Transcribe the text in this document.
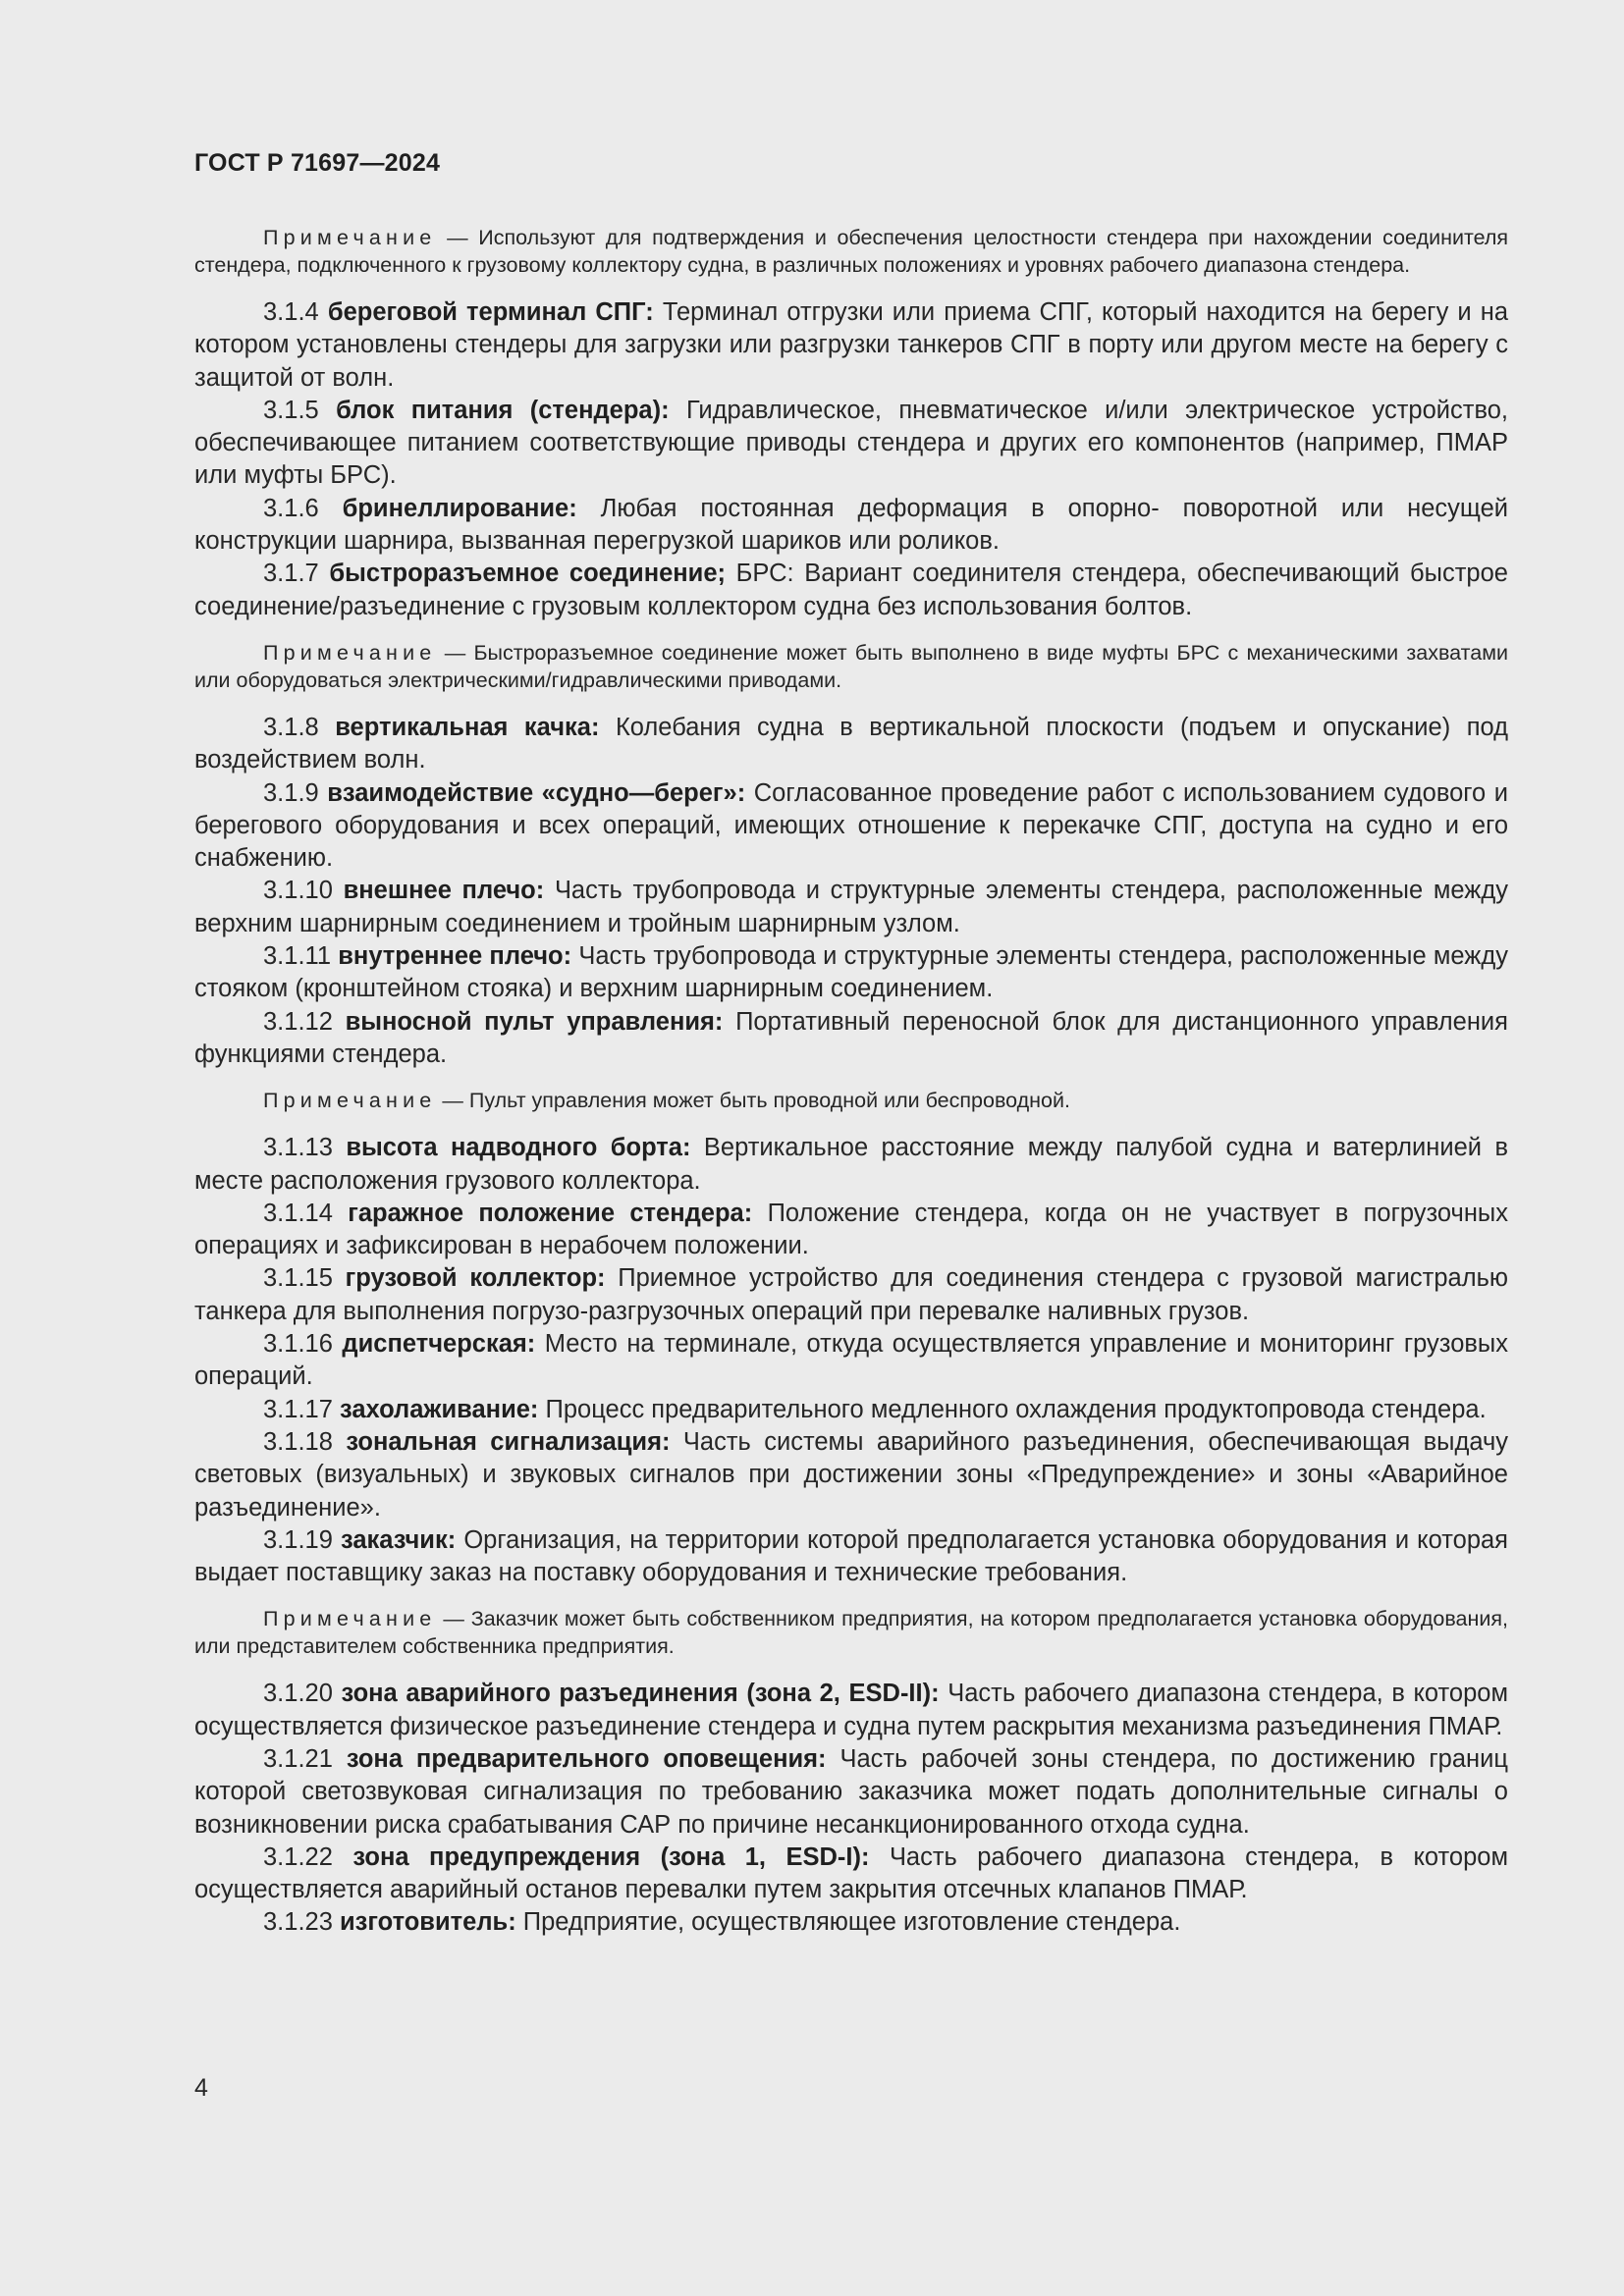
ГОСТ Р 71697—2024

Примечание — Используют для подтверждения и обеспечения целостности стендера при нахождении соединителя стендера, подключенного к грузовому коллектору судна, в различных положениях и уровнях рабочего диапазона стендера.

3.1.4 береговой терминал СПГ: Терминал отгрузки или приема СПГ, который находится на берегу и на котором установлены стендеры для загрузки или разгрузки танкеров СПГ в порту или другом месте на берегу с защитой от волн.

3.1.5 блок питания (стендера): Гидравлическое, пневматическое и/или электрическое устройство, обеспечивающее питанием соответствующие приводы стендера и других его компонентов (например, ПМАР или муфты БРС).

3.1.6 бринеллирование: Любая постоянная деформация в опорно- поворотной или несущей конструкции шарнира, вызванная перегрузкой шариков или роликов.

3.1.7 быстроразъемное соединение; БРС: Вариант соединителя стендера, обеспечивающий быстрое соединение/разъединение с грузовым коллектором судна без использования болтов.

Примечание — Быстроразъемное соединение может быть выполнено в виде муфты БРС с механическими захватами или оборудоваться электрическими/гидравлическими приводами.

3.1.8 вертикальная качка: Колебания судна в вертикальной плоскости (подъем и опускание) под воздействием волн.

3.1.9 взаимодействие «судно—берег»: Согласованное проведение работ с использованием судового и берегового оборудования и всех операций, имеющих отношение к перекачке СПГ, доступа на судно и его снабжению.

3.1.10 внешнее плечо: Часть трубопровода и структурные элементы стендера, расположенные между верхним шарнирным соединением и тройным шарнирным узлом.

3.1.11 внутреннее плечо: Часть трубопровода и структурные элементы стендера, расположенные между стояком (кронштейном стояка) и верхним шарнирным соединением.

3.1.12 выносной пульт управления: Портативный переносной блок для дистанционного управления функциями стендера.

Примечание — Пульт управления может быть проводной или беспроводной.

3.1.13 высота надводного борта: Вертикальное расстояние между палубой судна и ватерлинией в месте расположения грузового коллектора.

3.1.14 гаражное положение стендера: Положение стендера, когда он не участвует в погрузочных операциях и зафиксирован в нерабочем положении.

3.1.15 грузовой коллектор: Приемное устройство для соединения стендера с грузовой магистралью танкера для выполнения погрузо-разгрузочных операций при перевалке наливных грузов.

3.1.16 диспетчерская: Место на терминале, откуда осуществляется управление и мониторинг грузовых операций.

3.1.17 захолаживание: Процесс предварительного медленного охлаждения продуктопровода стендера.

3.1.18 зональная сигнализация: Часть системы аварийного разъединения, обеспечивающая выдачу световых (визуальных) и звуковых сигналов при достижении зоны «Предупреждение» и зоны «Аварийное разъединение».

3.1.19 заказчик: Организация, на территории которой предполагается установка оборудования и которая выдает поставщику заказ на поставку оборудования и технические требования.

Примечание — Заказчик может быть собственником предприятия, на котором предполагается установка оборудования, или представителем собственника предприятия.

3.1.20 зона аварийного разъединения (зона 2, ESD-II): Часть рабочего диапазона стендера, в котором осуществляется физическое разъединение стендера и судна путем раскрытия механизма разъединения ПМАР.

3.1.21 зона предварительного оповещения: Часть рабочей зоны стендера, по достижению границ которой светозвуковая сигнализация по требованию заказчика может подать дополнительные сигналы о возникновении риска срабатывания САР по причине несанкционированного отхода судна.

3.1.22 зона предупреждения (зона 1, ESD-I): Часть рабочего диапазона стендера, в котором осуществляется аварийный останов перевалки путем закрытия отсечных клапанов ПМАР.

3.1.23 изготовитель: Предприятие, осуществляющее изготовление стендера.

4
